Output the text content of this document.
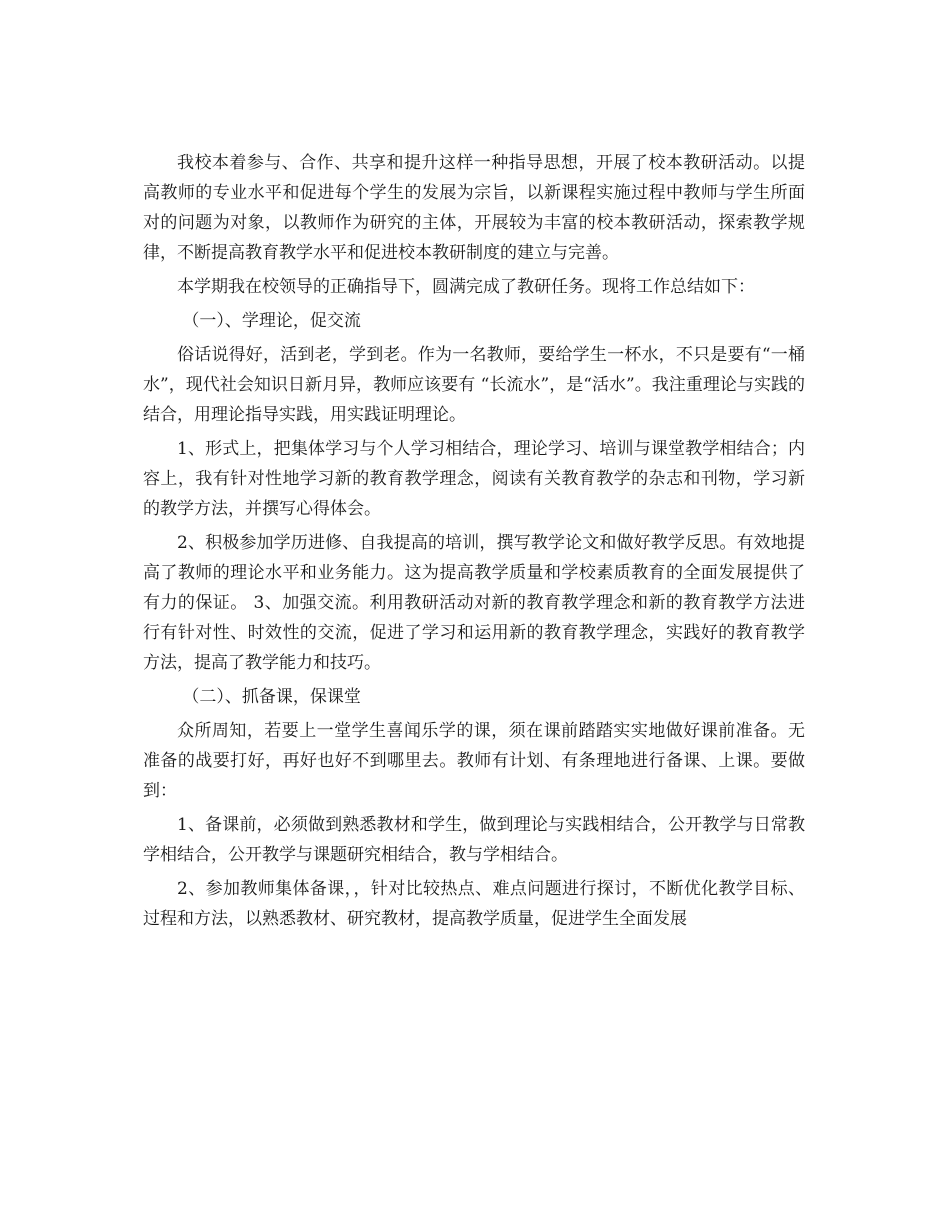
我校本着参与、合作、共享和提升这样一种指导思想，开展了校本教研活动。以提高教师的专业水平和促进每个学生的发展为宗旨，以新课程实施过程中教师与学生所面对的问题为对象，以教师作为研究的主体，开展较为丰富的校本教研活动，探索教学规律，不断提高教育教学水平和促进校本教研制度的建立与完善。

本学期我在校领导的正确指导下，圆满完成了教研任务。现将工作总结如下：

（一）、学理论，促交流

俗话说得好，活到老，学到老。作为一名教师，要给学生一杯水，不只是要有“一桶水”，现代社会知识日新月异，教师应该要有 “长流水”，是“活水”。我注重理论与实践的结合，用理论指导实践，用实践证明理论。

1、形式上，把集体学习与个人学习相结合，理论学习、培训与课堂教学相结合；内容上，我有针对性地学习新的教育教学理念，阅读有关教育教学的杂志和刊物，学习新的教学方法，并撰写心得体会。

2、积极参加学历进修、自我提高的培训，撰写教学论文和做好教学反思。有效地提高了教师的理论水平和业务能力。这为提高教学质量和学校素质教育的全面发展提供了有力的保证。 3、加强交流。利用教研活动对新的教育教学理念和新的教育教学方法进行有针对性、时效性的交流，促进了学习和运用新的教育教学理念，实践好的教育教学方法，提高了教学能力和技巧。

（二）、抓备课，保课堂

众所周知，若要上一堂学生喜闻乐学的课，须在课前踏踏实实地做好课前准备。无准备的战要打好，再好也好不到哪里去。教师有计划、有条理地进行备课、上课。要做到：

1、备课前，必须做到熟悉教材和学生，做到理论与实践相结合，公开教学与日常教学相结合，公开教学与课题研究相结合，教与学相结合。

2、参加教师集体备课，，针对比较热点、难点问题进行探讨，不断优化教学目标、过程和方法，以熟悉教材、研究教材，提高教学质量，促进学生全面发展
